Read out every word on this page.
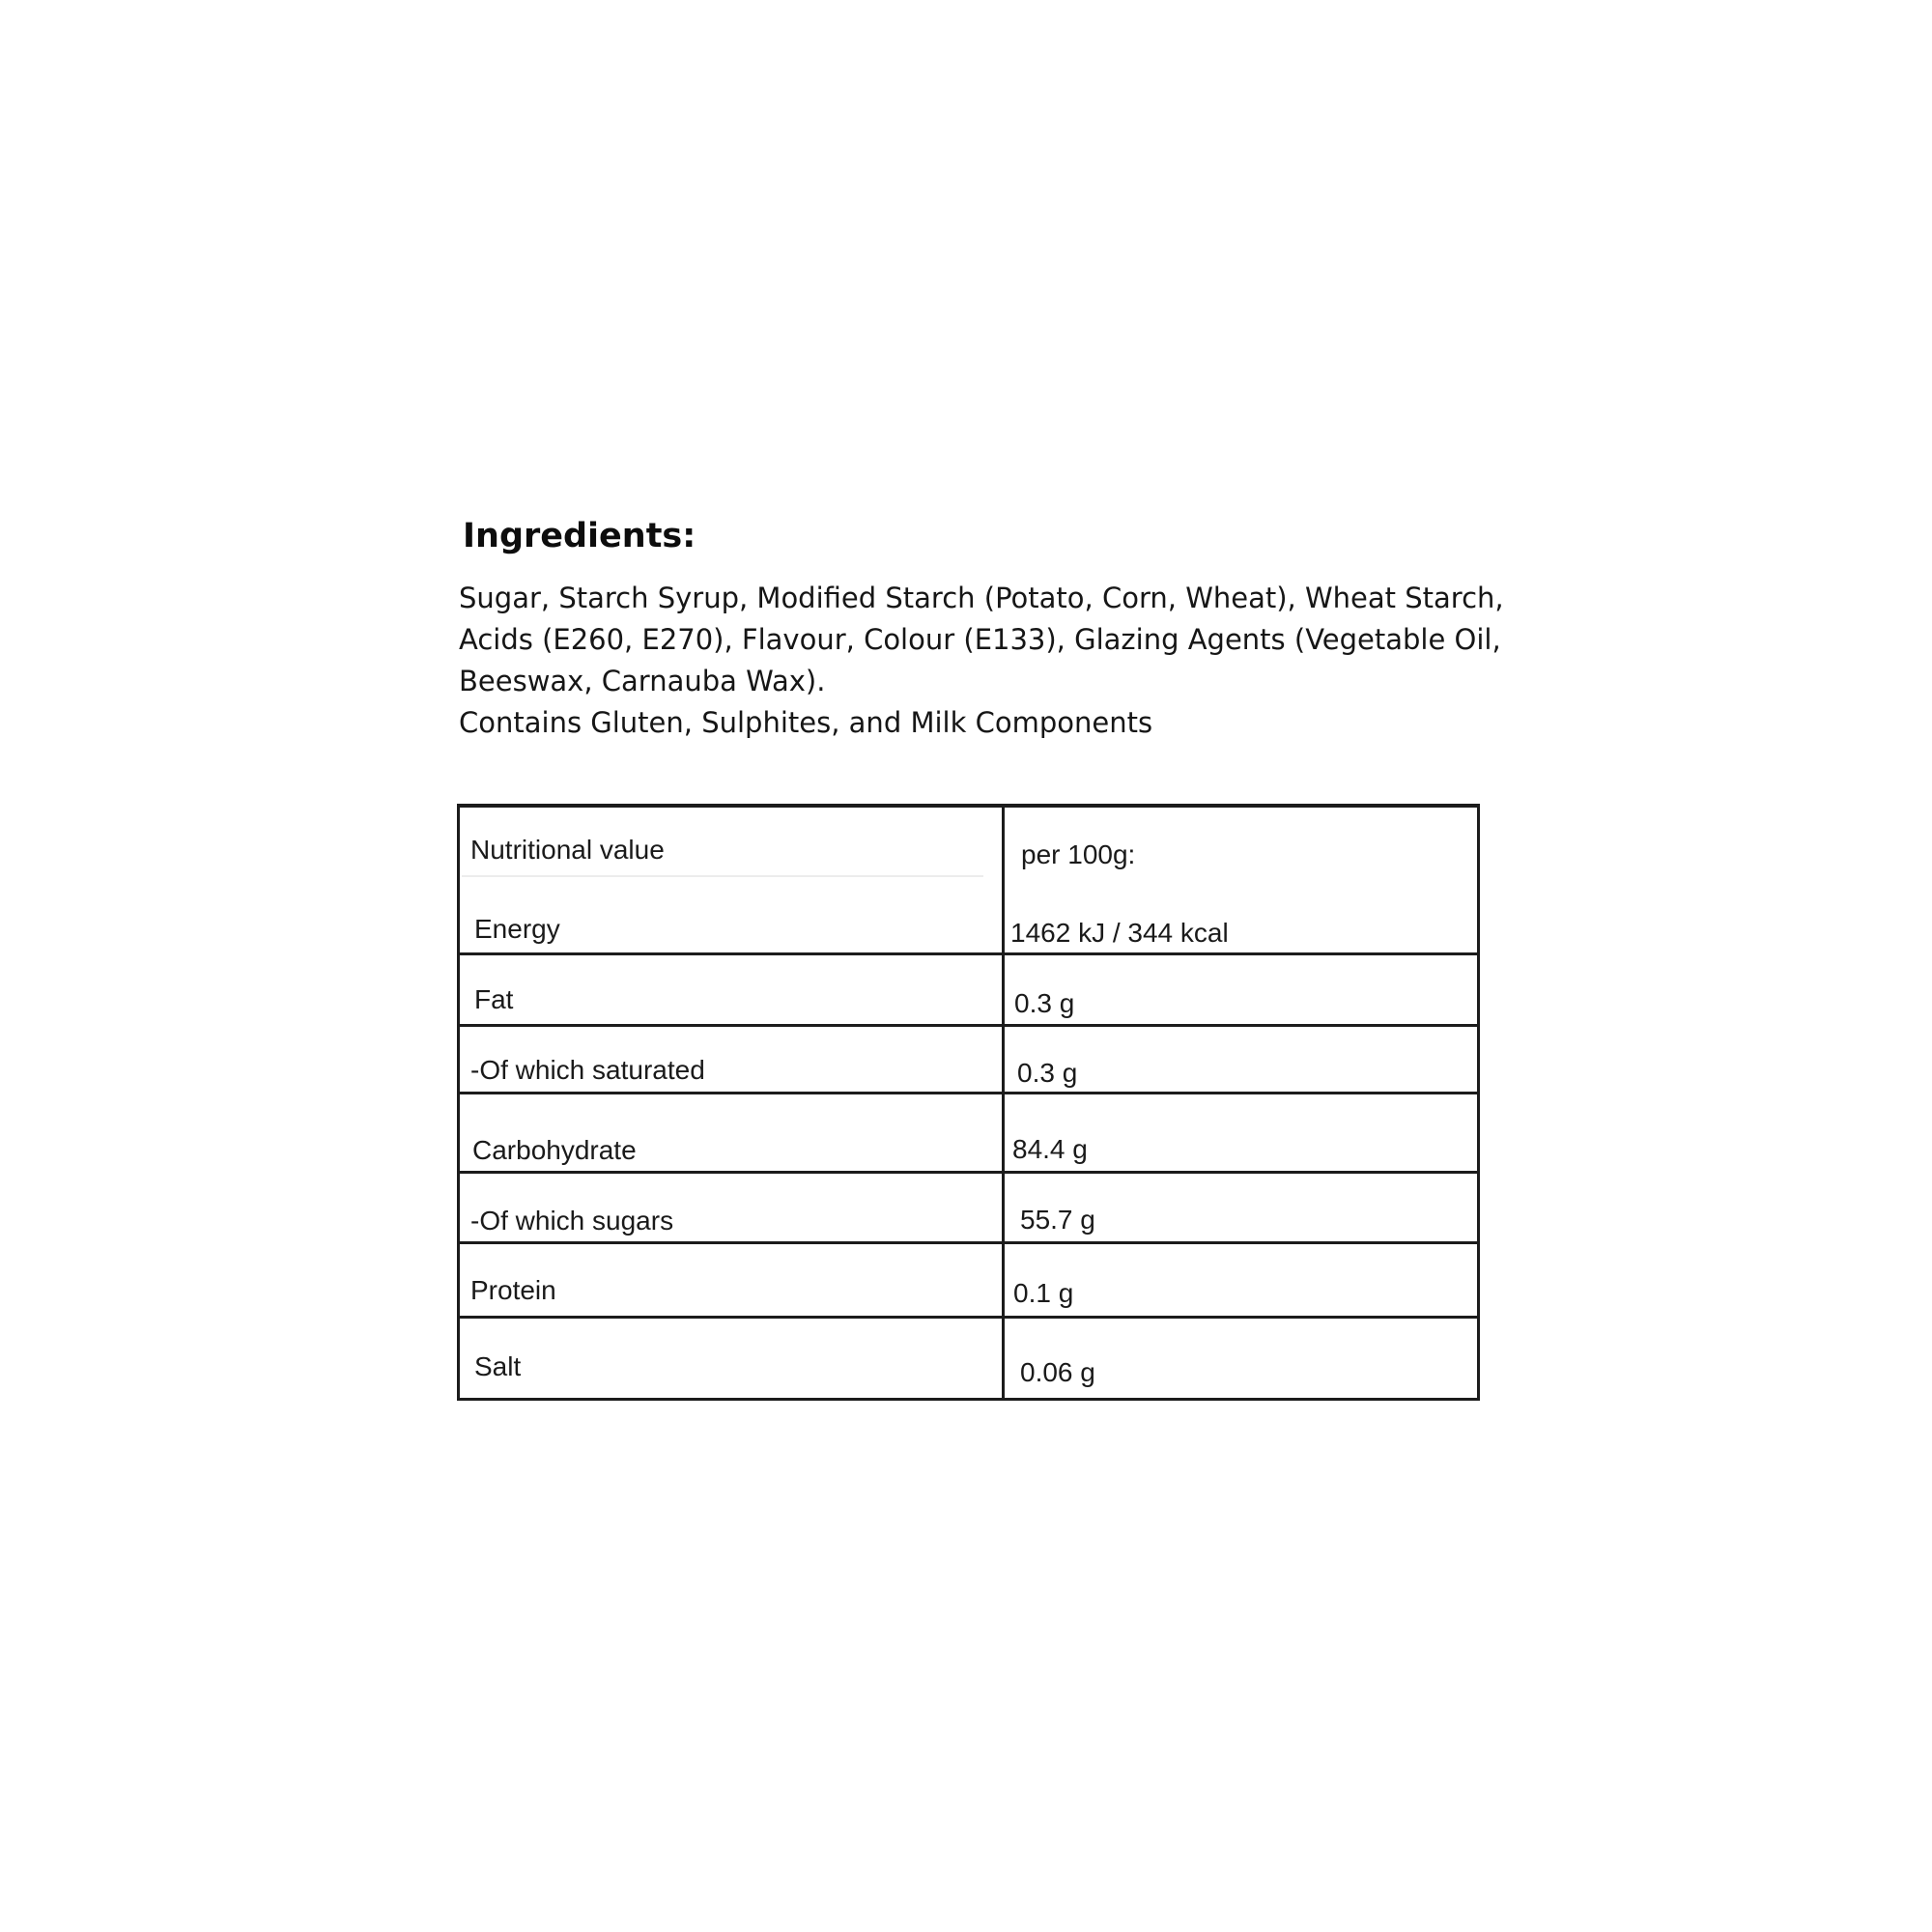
Ingredients:
Sugar, Starch Syrup, Modified Starch (Potato, Corn, Wheat), Wheat Starch,
Acids (E260, E270), Flavour, Colour (E133), Glazing Agents (Vegetable Oil,
Beeswax, Carnauba Wax).
Contains Gluten, Sulphites, and Milk Components
Nutritional value	per 100g:
Energy	1462 kJ / 344 kcal
Fat	0.3 g
-Of which saturated	0.3 g
Carbohydrate	84.4 g
-Of which sugars	55.7 g
Protein	0.1 g
Salt	0.06 g
